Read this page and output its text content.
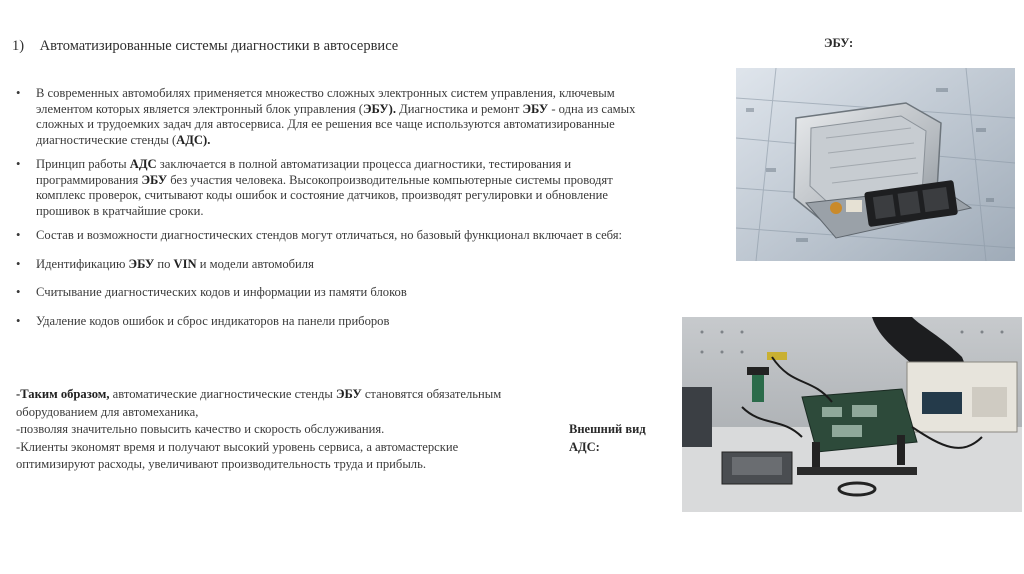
1) Автоматизированные системы диагностики в автосервисе
• В современных автомобилях применяется множество сложных электронных систем управления, ключевым элементом которых является электронный блок управления (ЭБУ). Диагностика и ремонт ЭБУ - одна из самых сложных и трудоемких задач для автосервиса. Для ее решения все чаще используются автоматизированные диагностические стенды (АДС).
• Принцип работы АДС заключается в полной автоматизации процесса диагностики, тестирования и программирования ЭБУ без участия человека. Высокопроизводительные компьютерные системы проводят комплекс проверок, считывают коды ошибок и состояние датчиков, производят регулировки и обновление прошивок в кратчайшие сроки.
• Состав и возможности диагностических стендов могут отличаться, но базовый функционал включает в себя:
• Идентификацию ЭБУ по VIN и модели автомобиля
• Считывание диагностических кодов и информации из памяти блоков
• Удаление кодов ошибок и сброс индикаторов на панели приборов
-Таким образом, автоматические диагностические стенды ЭБУ становятся обязательным оборудованием для автомеханика,
-позволяя значительно повысить качество и скорость обслуживания.
-Клиенты экономят время и получают высокий уровень сервиса, а автомастерские оптимизируют расходы, увеличивают производительность труда и прибыль.
ЭБУ:
Внешний вид АДС:
